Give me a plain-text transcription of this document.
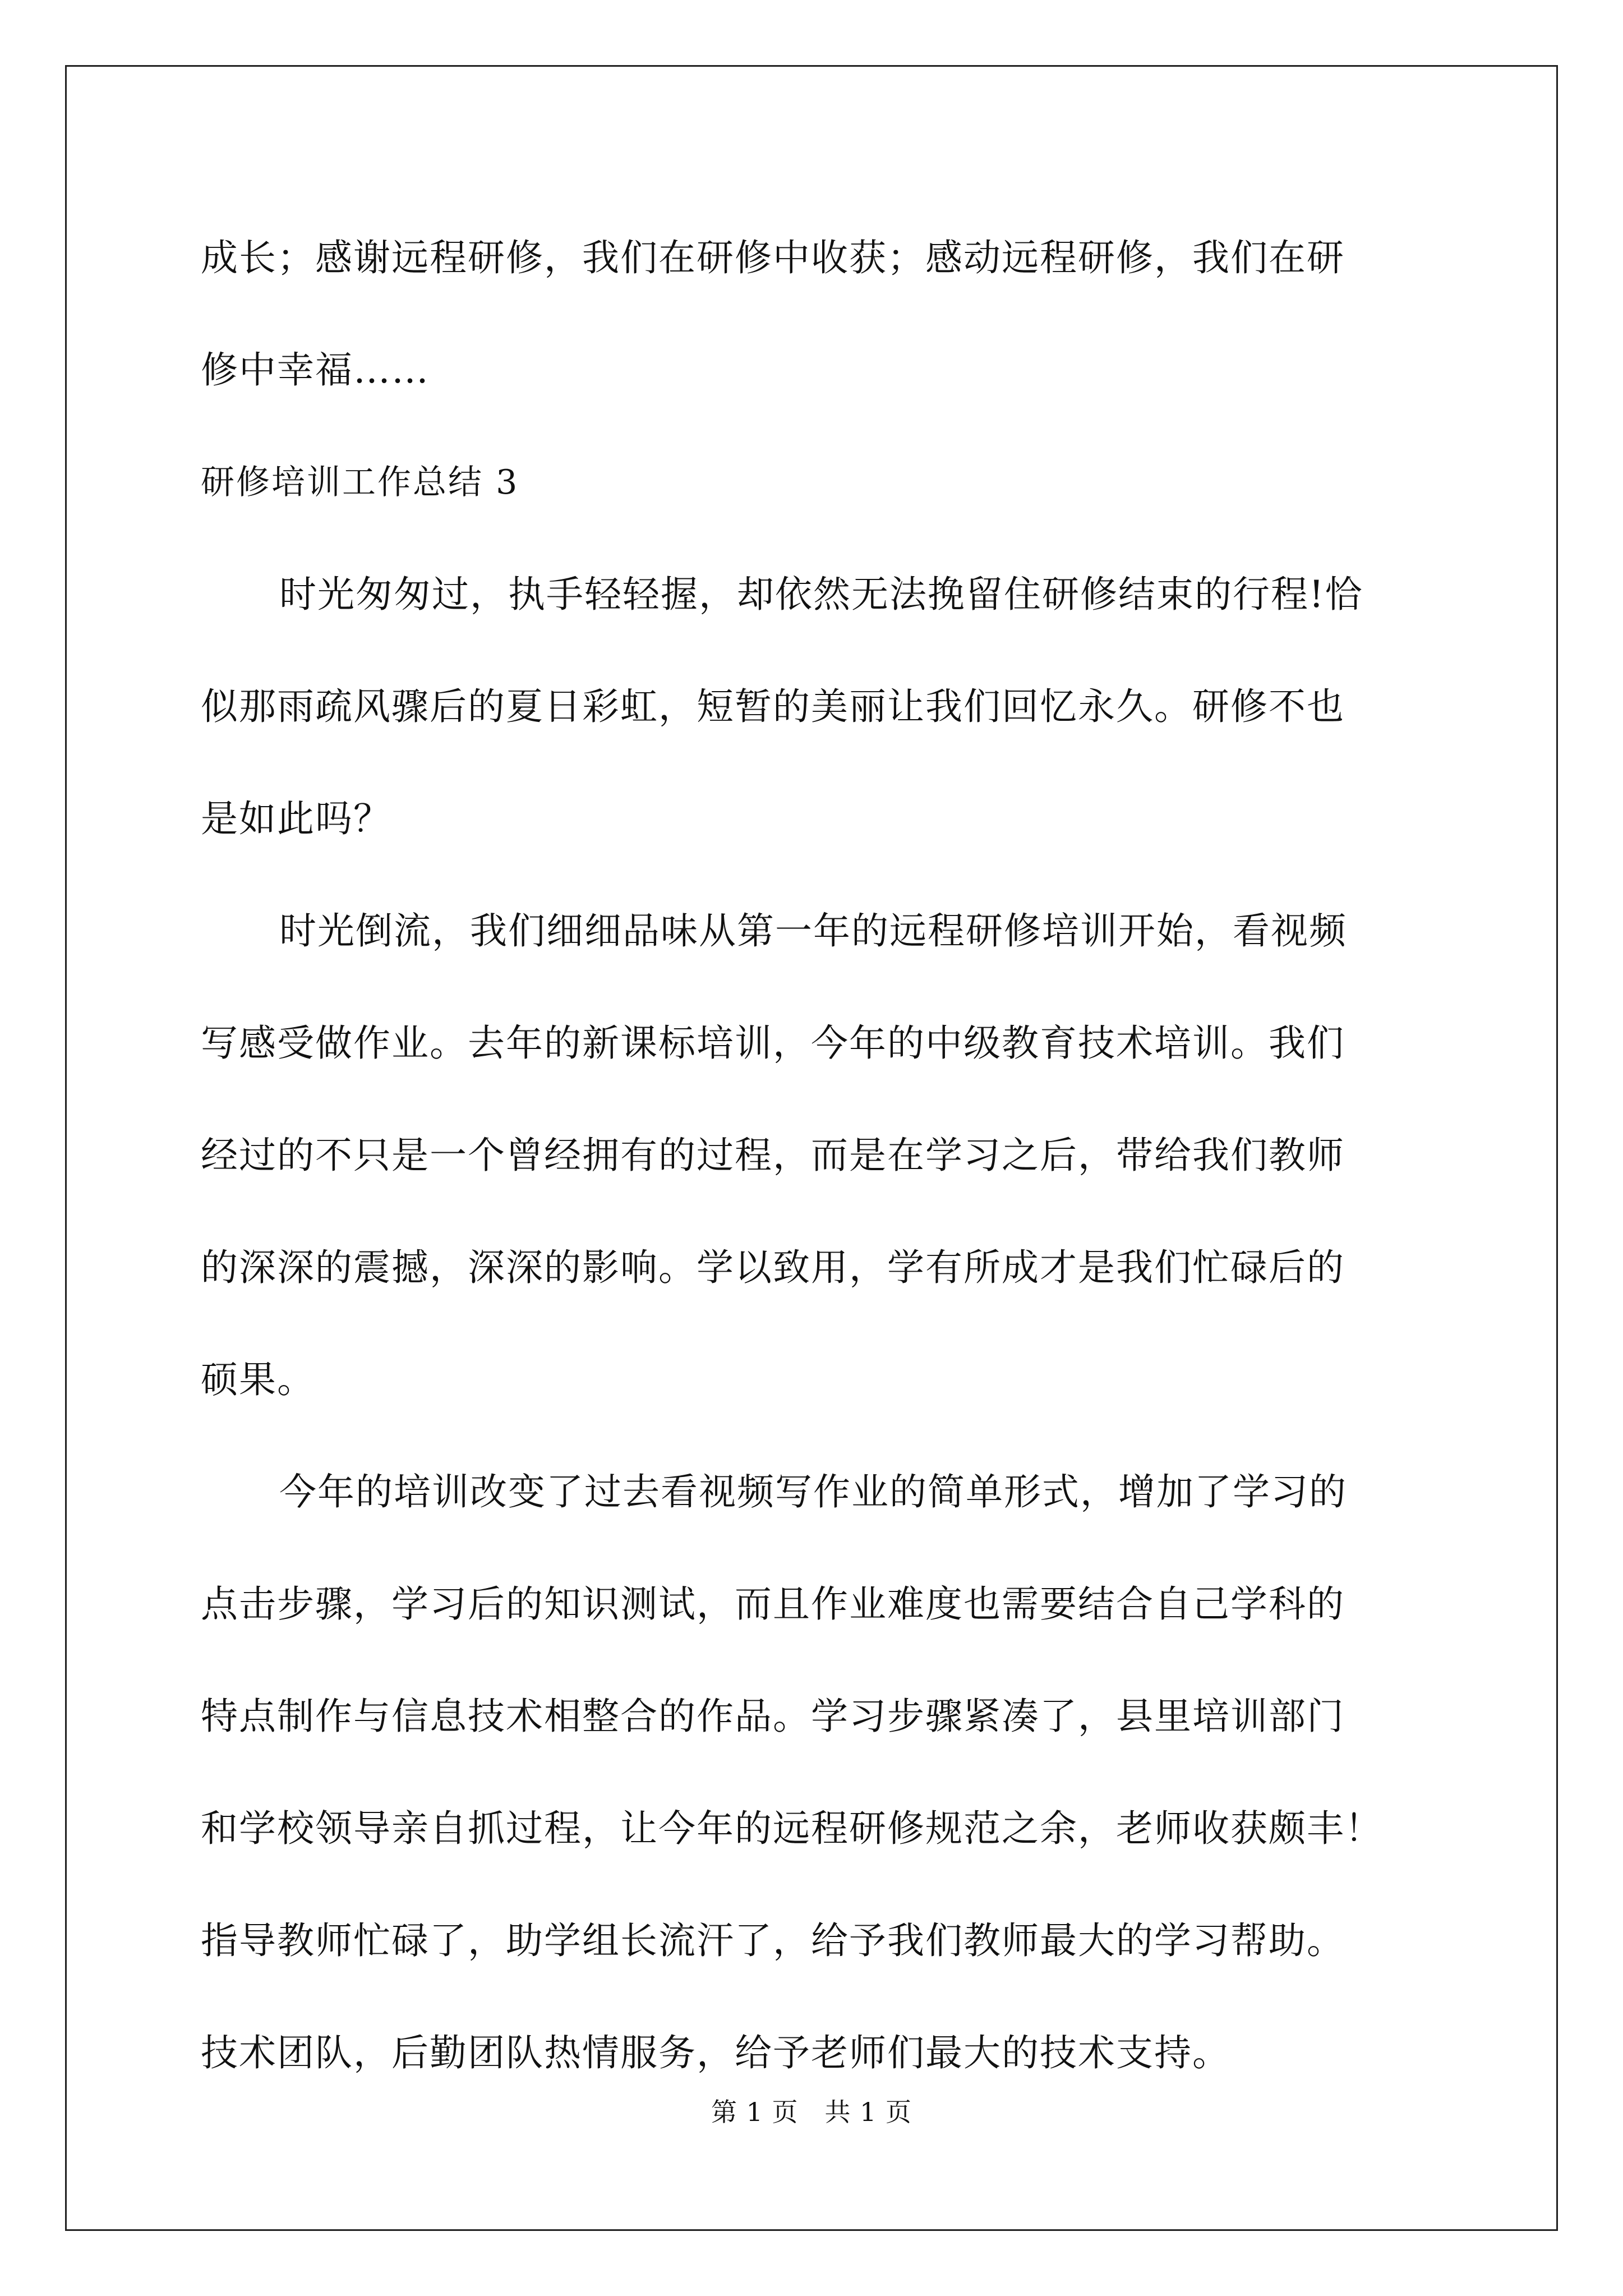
成长；感谢远程研修，我们在研修中收获；感动远程研修，我们在研
修中幸福……
研修培训工作总结 3
时光匆匆过，执手轻轻握，却依然无法挽留住研修结束的行程!恰
似那雨疏风骤后的夏日彩虹，短暂的美丽让我们回忆永久。研修不也
是如此吗？
时光倒流，我们细细品味从第一年的远程研修培训开始，看视频
写感受做作业。去年的新课标培训，今年的中级教育技术培训。我们
经过的不只是一个曾经拥有的过程，而是在学习之后，带给我们教师
的深深的震撼，深深的影响。学以致用，学有所成才是我们忙碌后的
硕果。
今年的培训改变了过去看视频写作业的简单形式，增加了学习的
点击步骤，学习后的知识测试，而且作业难度也需要结合自己学科的
特点制作与信息技术相整合的作品。学习步骤紧凑了，县里培训部门
和学校领导亲自抓过程，让今年的远程研修规范之余，老师收获颇丰！
指导教师忙碌了，助学组长流汗了，给予我们教师最大的学习帮助。
技术团队，后勤团队热情服务，给予老师们最大的技术支持。
第 1 页　共 1 页
